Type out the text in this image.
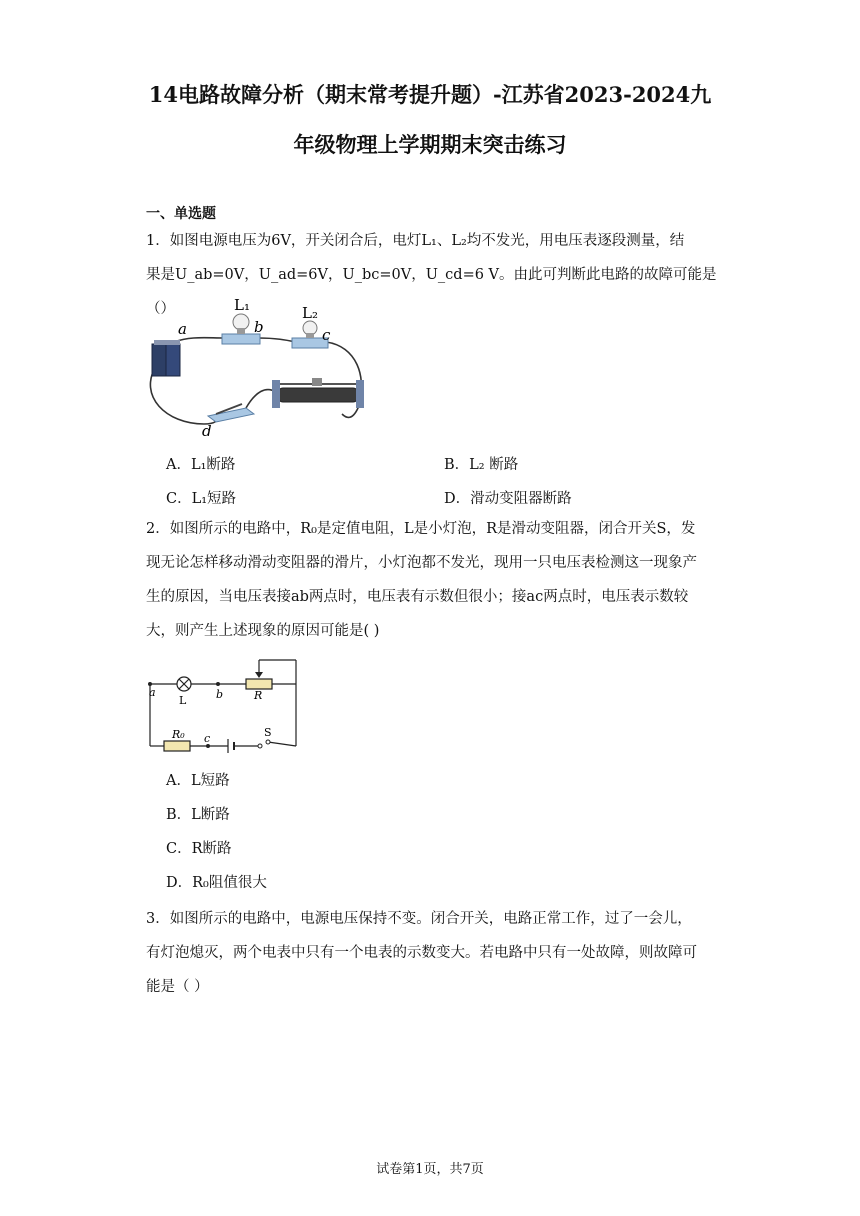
14电路故障分析（期末常考提升题）-江苏省2023-2024九
年级物理上学期期末突击练习
一、单选题
1．如图电源电压为6V，开关闭合后，电灯L₁、L₂均不发光，用电压表逐段测量，结
果是U_ab=0V，U_ad=6V，U_bc=0V，U_cd=6 V。由此可判断此电路的故障可能是（）
a	b	c
d
L₁	L₂
A．L₁断路	B．L₂ 断路
C．L₁短路	D．滑动变阻器断路
2．如图所示的电路中，R₀是定值电阻，L是小灯泡，R是滑动变阻器，闭合开关S，发
现无论怎样移动滑动变阻器的滑片，小灯泡都不发光，现用一只电压表检测这一现象产
生的原因，当电压表接ab两点时，电压表有示数但很小；接ac两点时，电压表示数较
大，则产生上述现象的原因可能是( )
a
L	b	R
R₀ c	S
A．L短路
B．L断路
C．R断路
D．R₀阻值很大
3．如图所示的电路中，电源电压保持不变。闭合开关，电路正常工作，过了一会儿，
有灯泡熄灭，两个电表中只有一个电表的示数变大。若电路中只有一处故障，则故障可
能是（ ）
试卷第1页，共7页
